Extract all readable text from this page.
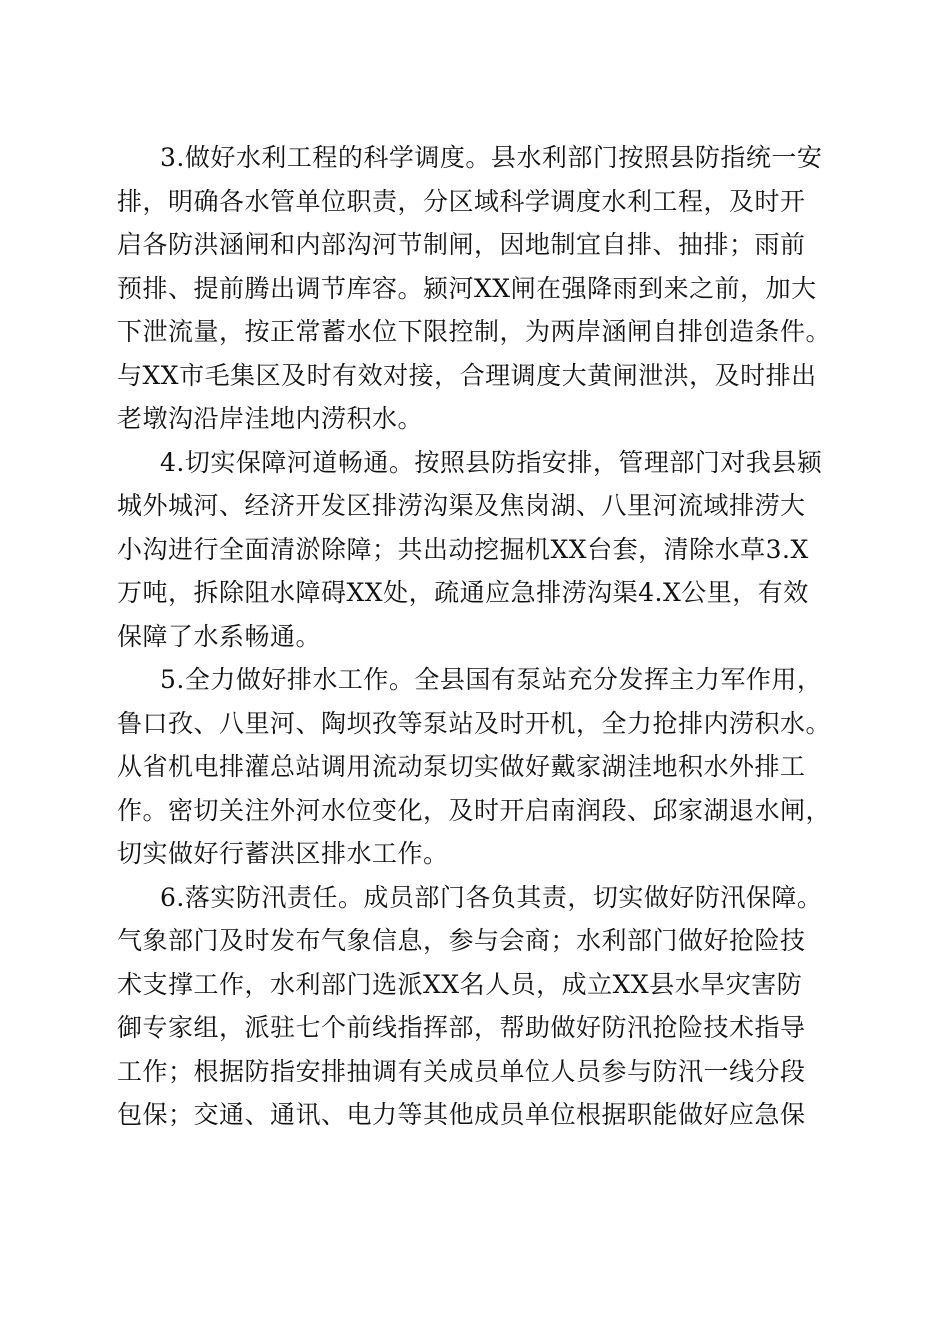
3.做好水利工程的科学调度。县水利部门按照县防指统一安
排，明确各水管单位职责，分区域科学调度水利工程，及时开
启各防洪涵闸和内部沟河节制闸，因地制宜自排、抽排；雨前
预排、提前腾出调节库容。颍河XX闸在强降雨到来之前，加大
下泄流量，按正常蓄水位下限控制，为两岸涵闸自排创造条件。
与XX市毛集区及时有效对接，合理调度大黄闸泄洪，及时排出
老墩沟沿岸洼地内涝积水。
4.切实保障河道畅通。按照县防指安排，管理部门对我县颍
城外城河、经济开发区排涝沟渠及焦岗湖、八里河流域排涝大
小沟进行全面清淤除障；共出动挖掘机XX台套，清除水草3.X
万吨，拆除阻水障碍XX处，疏通应急排涝沟渠4.X公里，有效
保障了水系畅通。
5.全力做好排水工作。全县国有泵站充分发挥主力军作用，
鲁口孜、八里河、陶坝孜等泵站及时开机，全力抢排内涝积水。
从省机电排灌总站调用流动泵切实做好戴家湖洼地积水外排工
作。密切关注外河水位变化，及时开启南润段、邱家湖退水闸，
切实做好行蓄洪区排水工作。
6.落实防汛责任。成员部门各负其责，切实做好防汛保障。
气象部门及时发布气象信息，参与会商；水利部门做好抢险技
术支撑工作，水利部门选派XX名人员，成立XX县水旱灾害防
御专家组，派驻七个前线指挥部，帮助做好防汛抢险技术指导
工作；根据防指安排抽调有关成员单位人员参与防汛一线分段
包保；交通、通讯、电力等其他成员单位根据职能做好应急保
